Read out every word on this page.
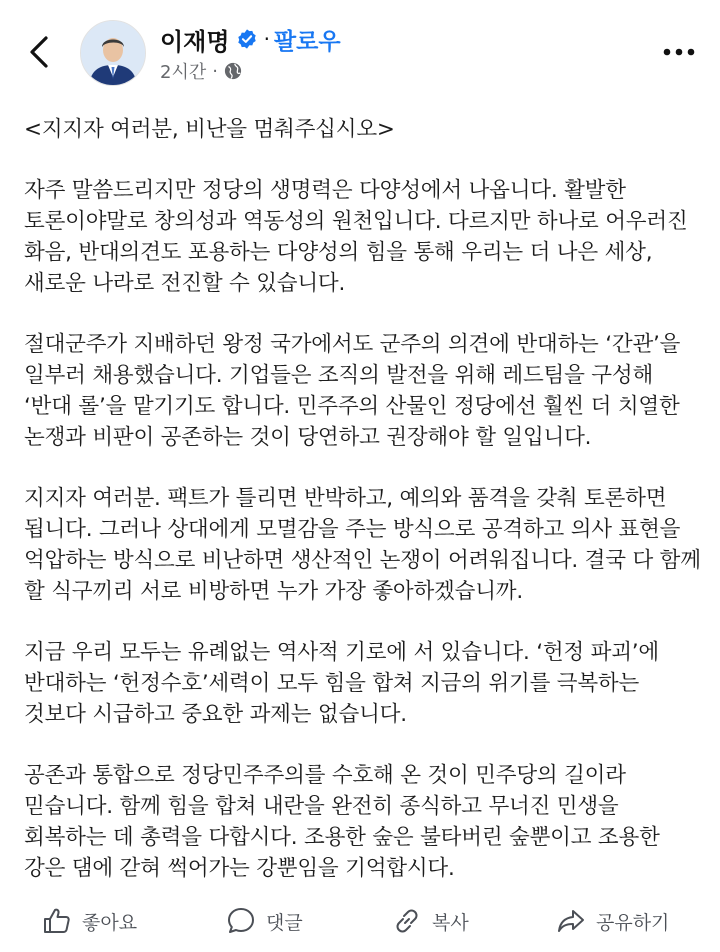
이재명 · 팔로우
2시간 ·

<지지자 여러분, 비난을 멈춰주십시오>

자주 말씀드리지만 정당의 생명력은 다양성에서 나옵니다. 활발한 토론이야말로 창의성과 역동성의 원천입니다. 다르지만 하나로 어우러진 화음, 반대의견도 포용하는 다양성의 힘을 통해 우리는 더 나은 세상, 새로운 나라로 전진할 수 있습니다.

절대군주가 지배하던 왕정 국가에서도 군주의 의견에 반대하는 ‘간관’을 일부러 채용했습니다. 기업들은 조직의 발전을 위해 레드팀을 구성해 ‘반대 롤’을 맡기기도 합니다. 민주주의 산물인 정당에선 훨씬 더 치열한 논쟁과 비판이 공존하는 것이 당연하고 권장해야 할 일입니다.

지지자 여러분. 팩트가 틀리면 반박하고, 예의와 품격을 갖춰 토론하면 됩니다. 그러나 상대에게 모멸감을 주는 방식으로 공격하고 의사 표현을 억압하는 방식으로 비난하면 생산적인 논쟁이 어려워집니다. 결국 다 함께 할 식구끼리 서로 비방하면 누가 가장 좋아하겠습니까.

지금 우리 모두는 유례없는 역사적 기로에 서 있습니다. ‘헌정 파괴’에 반대하는 ‘헌정수호’세력이 모두 힘을 합쳐 지금의 위기를 극복하는 것보다 시급하고 중요한 과제는 없습니다.

공존과 통합으로 정당민주주의를 수호해 온 것이 민주당의 길이라 믿습니다. 함께 힘을 합쳐 내란을 완전히 종식하고 무너진 민생을 회복하는 데 총력을 다합시다. 조용한 숲은 불타버린 숲뿐이고 조용한 강은 댐에 갇혀 썩어가는 강뿐임을 기억합시다.

좋아요	댓글	복사	공유하기
